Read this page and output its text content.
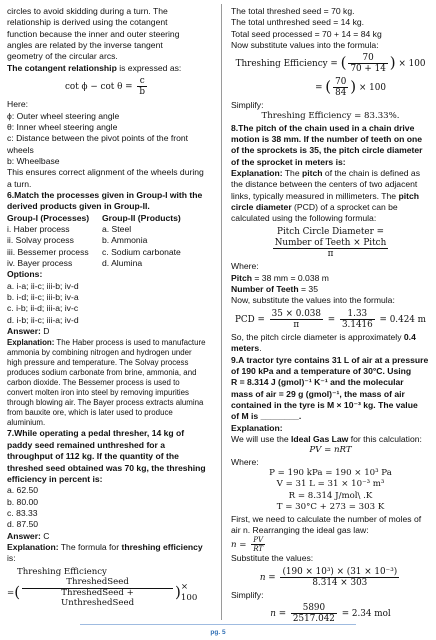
circles to avoid skidding during a turn. The

relationship is derived using the cotangent

function because the inner and outer steering

angles are related by the inverse tangent

geometry of the circular arcs.

The cotangent relationship is expressed as:

$\cot \phi - \cot \theta = \frac{c}{b}$

Here:

ϕ: Outer wheel steering angle

θ: Inner wheel steering angle

c: Distance between the pivot points of the front wheels

b: Wheelbase

This ensures correct alignment of the wheels during a turn.

6.Match the processes given in Group-I with the derived products given in Group-II.

Group-I (Processes)	Group-II (Products)
i. Haber process	a. Steel
ii. Solvay process	b. Ammonia
iii. Bessemer process	c. Sodium carbonate
iv. Bayer process	d. Alumina

Options:

a. i-a; ii-c; iii-b; iv-d

b. i-d; ii-c; iii-b; iv-a

c. i-b; ii-d; iii-a; iv-c

d. i-b; ii-c; iii-a; iv-d

Answer: D

Explanation: The Haber process is used to manufacture ammonia by combining nitrogen and hydrogen under high pressure and temperature. The Solvay process produces sodium carbonate from brine, ammonia, and carbon dioxide. The Bessemer process is used to convert molten iron into steel by removing impurities through blowing air. The Bayer process extracts alumina from bauxite ore, which is later used to produce aluminium.

7.While operating a pedal thresher, 14 kg of paddy seed remained unthreshed for a throughput of 112 kg. If the quantity of the threshed seed obtained was 70 kg, the threshing efficiency in percent is:

a. 62.50

b. 80.00

c. 83.33

d. 87.50

Answer: C

Explanation: The formula for threshing efficiency is:

Threshing Efficiency
= ( $\frac{\text{ThreshedSeed}}{\text{ThreshedSeed + UnthreshedSeed}}$ ) × 100

The total threshed seed = 70 kg.

The total unthreshed seed = 14 kg.

Total seed processed = 70 + 14 = 84 kg

Now substitute values into the formula:

Threshing Efficiency = ( $\frac{70}{70 + 14}$ ) × 100
= ( $\frac{70}{84}$ ) × 100

Simplify:

Threshing Efficiency = 83.33%.

8.The pitch of the chain used in a chain drive motion is 38 mm. If the number of teeth on one of the sprockets is 35, the pitch circle diameter of the sprocket in meters is:

Explanation: The pitch of the chain is defined as the distance between the centers of two adjacent links, typically measured in millimeters. The pitch circle diameter (PCD) of a sprocket can be calculated using the following formula:

Pitch Circle Diameter =
$\frac{\text{Number of Teeth × Pitch}}{\pi}$

Where:

Pitch = 38 mm = 0.038 m

Number of Teeth = 35

Now, substitute the values into the formula:

PCD = $\frac{35 \times 0.038}{\pi} = \frac{1.33}{3.1416} = 0.424$ m

So, the pitch circle diameter is approximately 0.4 meters.

9.A tractor tyre contains 31 L of air at a pressure

of 190 kPa and a temperature of 30°C. Using

R = 8.314 J (gmol)⁻¹ K⁻¹ and the molecular

mass of air = 29 g (gmol)⁻¹, the mass of air

contained in the tyre is M × 10⁻³ kg. The value

of M is ________.

Explanation:

We will use the Ideal Gas Law for this calculation:

PV = nRT

Where:

P = 190 kPa = 190 × 10³ Pa

V = 31 L = 31 × 10⁻³ m³

R = 8.314 J/mol\ .K

T = 30°C + 273 = 303 K

First, we need to calculate the number of moles of air n. Rearranging the ideal gas law:

$n = \frac{PV}{RT}$

Substitute the values:

$n = \frac{\text{(190 × 10³) × (31 × 10⁻³)}}{8.314 \times 303}$

Simplify:

$n = \frac{5890}{2517.042} = 2.34$ mol
pg. 5
